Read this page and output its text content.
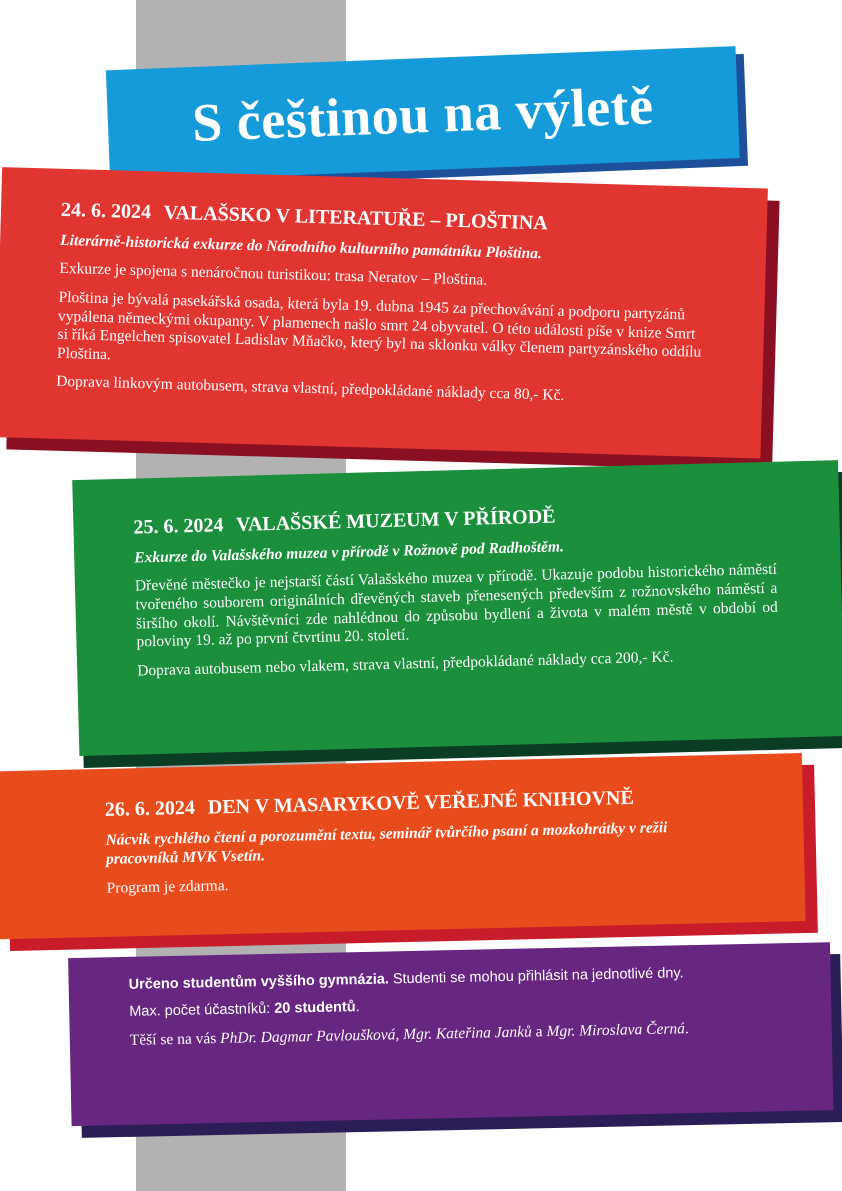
S češtinou na výletě

24. 6. 2024 VALAŠSKO V LITERATUŘE – PLOŠTINA

Literárně-historická exkurze do Národního kulturního památníku Ploština.

Exkurze je spojena s nenáročnou turistikou: trasa Neratov – Ploština.

Ploština je bývalá pasekářská osada, která byla 19. dubna 1945 za přechovávání a podporu partyzánů vypálena německými okupanty. V plamenech našlo smrt 24 obyvatel. O této události píše v knize Smrt si říká Engelchen spisovatel Ladislav Mňačko, který byl na sklonku války členem partyzánského oddílu Ploština.

Doprava linkovým autobusem, strava vlastní, předpokládané náklady cca 80,- Kč.

25. 6. 2024 VALAŠSKÉ MUZEUM V PŘÍRODĚ

Exkurze do Valašského muzea v přírodě v Rožnově pod Radhoštěm.

Dřevěné městečko je nejstarší částí Valašského muzea v přírodě. Ukazuje podobu historického náměstí tvořeného souborem originálních dřevěných staveb přenesených především z rožnovského náměstí a širšího okolí. Návštěvníci zde nahlédnou do způsobu bydlení a života v malém městě v období od poloviny 19. až po první čtvrtinu 20. století.

Doprava autobusem nebo vlakem, strava vlastní, předpokládané náklady cca 200,- Kč.

26. 6. 2024 DEN V MASARYKOVĚ VEŘEJNÉ KNIHOVNĚ

Nácvik rychlého čtení a porozumění textu, seminář tvůrčího psaní a mozkohrátky v režii pracovníků MVK Vsetín.

Program je zdarma.

Určeno studentům vyššího gymnázia. Studenti se mohou přihlásit na jednotlivé dny.

Max. počet účastníků: 20 studentů.

Těší se na vás PhDr. Dagmar Pavloušková, Mgr. Kateřina Janků a Mgr. Miroslava Černá.
